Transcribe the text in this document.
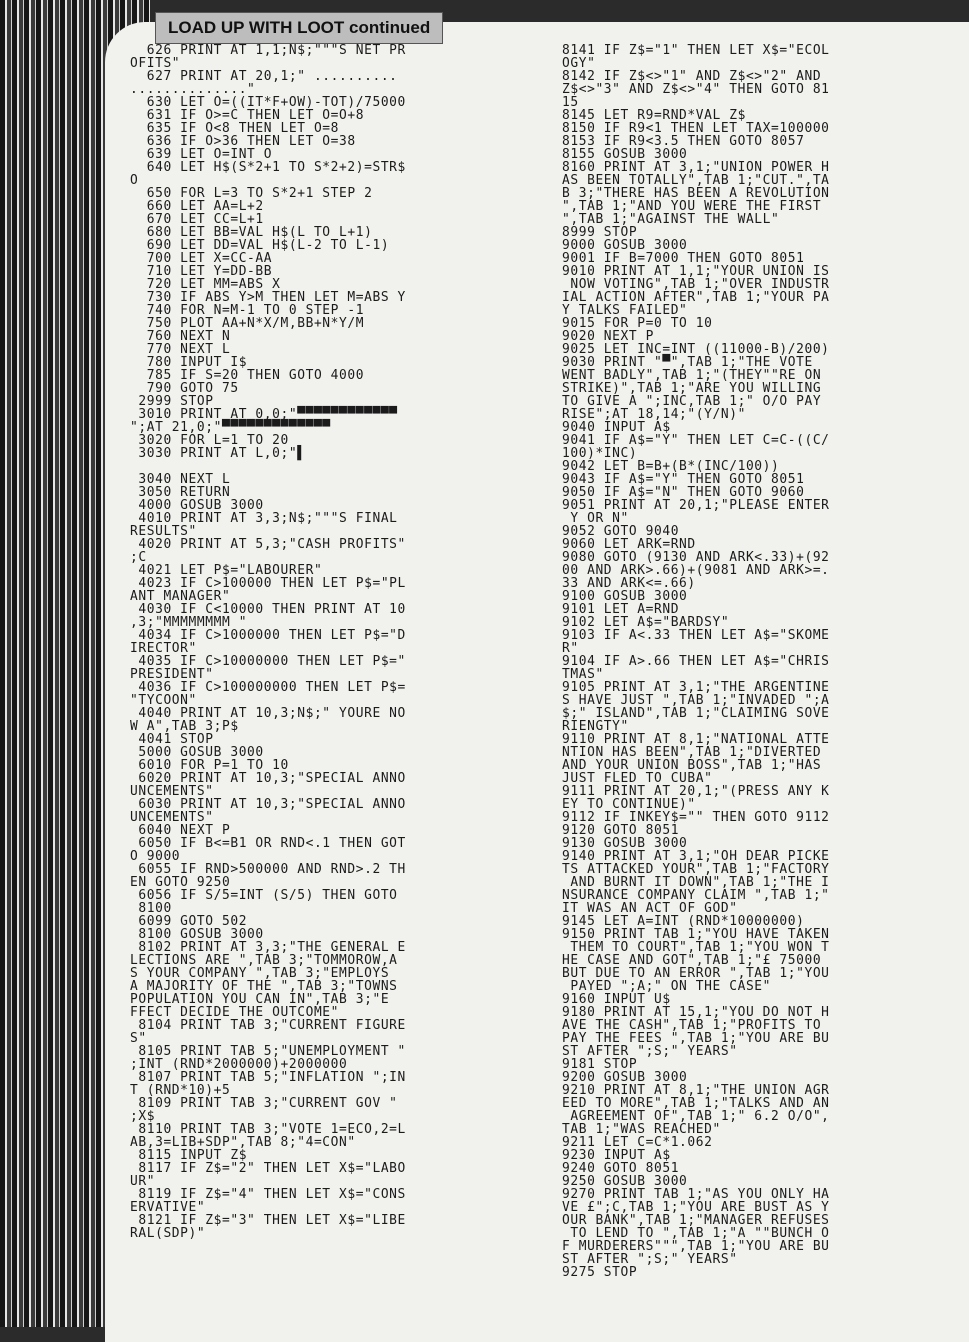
LOAD UP WITH LOOT continued
626 PRINT AT 1,1;N$;"""S NET PR
OFITS"
627 PRINT AT 20,1;" ..........
.............."
630 LET O=((IT*F+OW)-TOT)/75000
631 IF O>=C THEN LET O=O+8
635 IF O<8 THEN LET O=8
636 IF O>36 THEN LET O=38
639 LET O=INT O
640 LET H$(S*2+1 TO S*2+2)=STR$
O
650 FOR L=3 TO S*2+1 STEP 2
660 LET AA=L+2
670 LET CC=L+1
680 LET BB=VAL H$(L TO L+1)
690 LET DD=VAL H$(L-2 TO L-1)
700 LET X=CC-AA
710 LET Y=DD-BB
720 LET MM=ABS X
730 IF ABS Y>M THEN LET M=ABS Y
740 FOR N=M-1 TO 0 STEP -1
750 PLOT AA+N*X/M,BB+N*Y/M
760 NEXT N
770 NEXT L
780 INPUT I$
785 IF S=20 THEN GOTO 4000
790 GOTO 75
2999 STOP
3010 PRINT AT 0,0;"▀▀▀▀▀▀▀▀▀▀▀▀
";AT 21,0;"▀▀▀▀▀▀▀▀▀▀▀▀▀
3020 FOR L=1 TO 20
3030 PRINT AT L,0;"▌

3040 NEXT L
3050 RETURN
4000 GOSUB 3000
4010 PRINT AT 3,3;N$;"""S FINAL
RESULTS"
4020 PRINT AT 5,3;"CASH PROFITS"
;C
4021 LET P$="LABOURER"
4023 IF C>100000 THEN LET P$="PL
ANT MANAGER"
4030 IF C<10000 THEN PRINT AT 10
,3;"MMMMMMMM "
4034 IF C>1000000 THEN LET P$="D
IRECTOR"
4035 IF C>10000000 THEN LET P$="
PRESIDENT"
4036 IF C>100000000 THEN LET P$=
"TYCOON"
4040 PRINT AT 10,3;N$;" YOURE NO
W A",TAB 3;P$
4041 STOP
5000 GOSUB 3000
6010 FOR P=1 TO 10
6020 PRINT AT 10,3;"SPECIAL ANNO
UNCEMENTS"
6030 PRINT AT 10,3;"SPECIAL ANNO
UNCEMENTS"
6040 NEXT P
6050 IF B<=B1 OR RND<.1 THEN GOT
O 9000
6055 IF RND>500000 AND RND>.2 TH
EN GOTO 9250
6056 IF S/5=INT (S/5) THEN GOTO
8100
6099 GOTO 502
8100 GOSUB 3000
8102 PRINT AT 3,3;"THE GENERAL E
LECTIONS ARE ",TAB 3;"TOMMOROW,A
S YOUR COMPANY ",TAB 3;"EMPLOYS
A MAJORITY OF THE ",TAB 3;"TOWNS
POPULATION YOU CAN IN",TAB 3;"E
FFECT DECIDE THE OUTCOME"
8104 PRINT TAB 3;"CURRENT FIGURE
S"
8105 PRINT TAB 5;"UNEMPLOYMENT "
;INT (RND*2000000)+2000000
8107 PRINT TAB 5;"INFLATION ";IN
T (RND*10)+5
8109 PRINT TAB 3;"CURRENT GOV "
;X$
8110 PRINT TAB 3;"VOTE 1=ECO,2=L
AB,3=LIB+SDP",TAB 8;"4=CON"
8115 INPUT Z$
8117 IF Z$="2" THEN LET X$="LABO
UR"
8119 IF Z$="4" THEN LET X$="CONS
ERVATIVE"
8121 IF Z$="3" THEN LET X$="LIBE
RAL(SDP)"
8141 IF Z$="1" THEN LET X$="ECOL
OGY"
8142 IF Z$<>"1" AND Z$<>"2" AND
Z$<>"3" AND Z$<>"4" THEN GOTO 81
15
8145 LET R9=RND*VAL Z$
8150 IF R9<1 THEN LET TAX=100000
8153 IF R9<3.5 THEN GOTO 8057
8155 GOSUB 3000
8160 PRINT AT 3,1;"UNION POWER H
AS BEEN TOTALLY",TAB 1;"CUT.",TA
B 3;"THERE HAS BEEN A REVOLUTION
",TAB 1;"AND YOU WERE THE FIRST
",TAB 1;"AGAINST THE WALL"
8999 STOP
9000 GOSUB 3000
9001 IF B=7000 THEN GOTO 8051
9010 PRINT AT 1,1;"YOUR UNION IS
NOW VOTING",TAB 1;"OVER INDUSTR
IAL ACTION AFTER",TAB 1;"YOUR PA
Y TALKS FAILED"
9015 FOR P=0 TO 10
9020 NEXT P
9025 LET INC=INT ((11000-B)/200)
9030 PRINT "▀",TAB 1;"THE VOTE
WENT BADLY",TAB 1;"(THEY""RE ON
STRIKE)",TAB 1;"ARE YOU WILLING
TO GIVE A ";INC,TAB 1;" O/O PAY
RISE";AT 18,14;"(Y/N)"
9040 INPUT A$
9041 IF A$="Y" THEN LET C=C-((C/
100)*INC)
9042 LET B=B+(B*(INC/100))
9043 IF A$="Y" THEN GOTO 8051
9050 IF A$="N" THEN GOTO 9060
9051 PRINT AT 20,1;"PLEASE ENTER
Y OR N"
9052 GOTO 9040
9060 LET ARK=RND
9080 GOTO (9130 AND ARK<.33)+(92
00 AND ARK>.66)+(9081 AND ARK>=.
33 AND ARK<=.66)
9100 GOSUB 3000
9101 LET A=RND
9102 LET A$="BARDSY"
9103 IF A<.33 THEN LET A$="SKOME
R"
9104 IF A>.66 THEN LET A$="CHRIS
TMAS"
9105 PRINT AT 3,1;"THE ARGENTINE
S HAVE JUST ",TAB 1;"INVADED ";A
$;" ISLAND",TAB 1;"CLAIMING SOVE
RIENGTY"
9110 PRINT AT 8,1;"NATIONAL ATTE
NTION HAS BEEN",TAB 1;"DIVERTED
AND YOUR UNION BOSS",TAB 1;"HAS
JUST FLED TO CUBA"
9111 PRINT AT 20,1;"(PRESS ANY K
EY TO CONTINUE)"
9112 IF INKEY$="" THEN GOTO 9112
9120 GOTO 8051
9130 GOSUB 3000
9140 PRINT AT 3,1;"OH DEAR PICKE
TS ATTACKED YOUR",TAB 1;"FACTORY
AND BURNT IT DOWN",TAB 1;"THE I
NSURANCE COMPANY CLAIM ",TAB 1;"
IT WAS AN ACT OF GOD"
9145 LET A=INT (RND*10000000)
9150 PRINT TAB 1;"YOU HAVE TAKEN
THEM TO COURT",TAB 1;"YOU WON T
HE CASE AND GOT",TAB 1;"£ 75000
BUT DUE TO AN ERROR ",TAB 1;"YOU
PAYED ";A;" ON THE CASE"
9160 INPUT U$
9180 PRINT AT 15,1;"YOU DO NOT H
AVE THE CASH",TAB 1;"PROFITS TO
PAY THE FEES ",TAB 1;"YOU ARE BU
ST AFTER ";S;" YEARS"
9181 STOP
9200 GOSUB 3000
9210 PRINT AT 8,1;"THE UNION AGR
EED TO MORE",TAB 1;"TALKS AND AN
AGREEMENT OF",TAB 1;" 6.2 O/O",
TAB 1;"WAS REACHED"
9211 LET C=C*1.062
9230 INPUT A$
9240 GOTO 8051
9250 GOSUB 3000
9270 PRINT TAB 1;"AS YOU ONLY HA
VE £";C,TAB 1;"YOU ARE BUST AS Y
OUR BANK",TAB 1;"MANAGER REFUSES
TO LEND TO ",TAB 1;"A ""BUNCH O
F MURDERERS""",TAB 1;"YOU ARE BU
ST AFTER ";S;" YEARS"
9275 STOP
